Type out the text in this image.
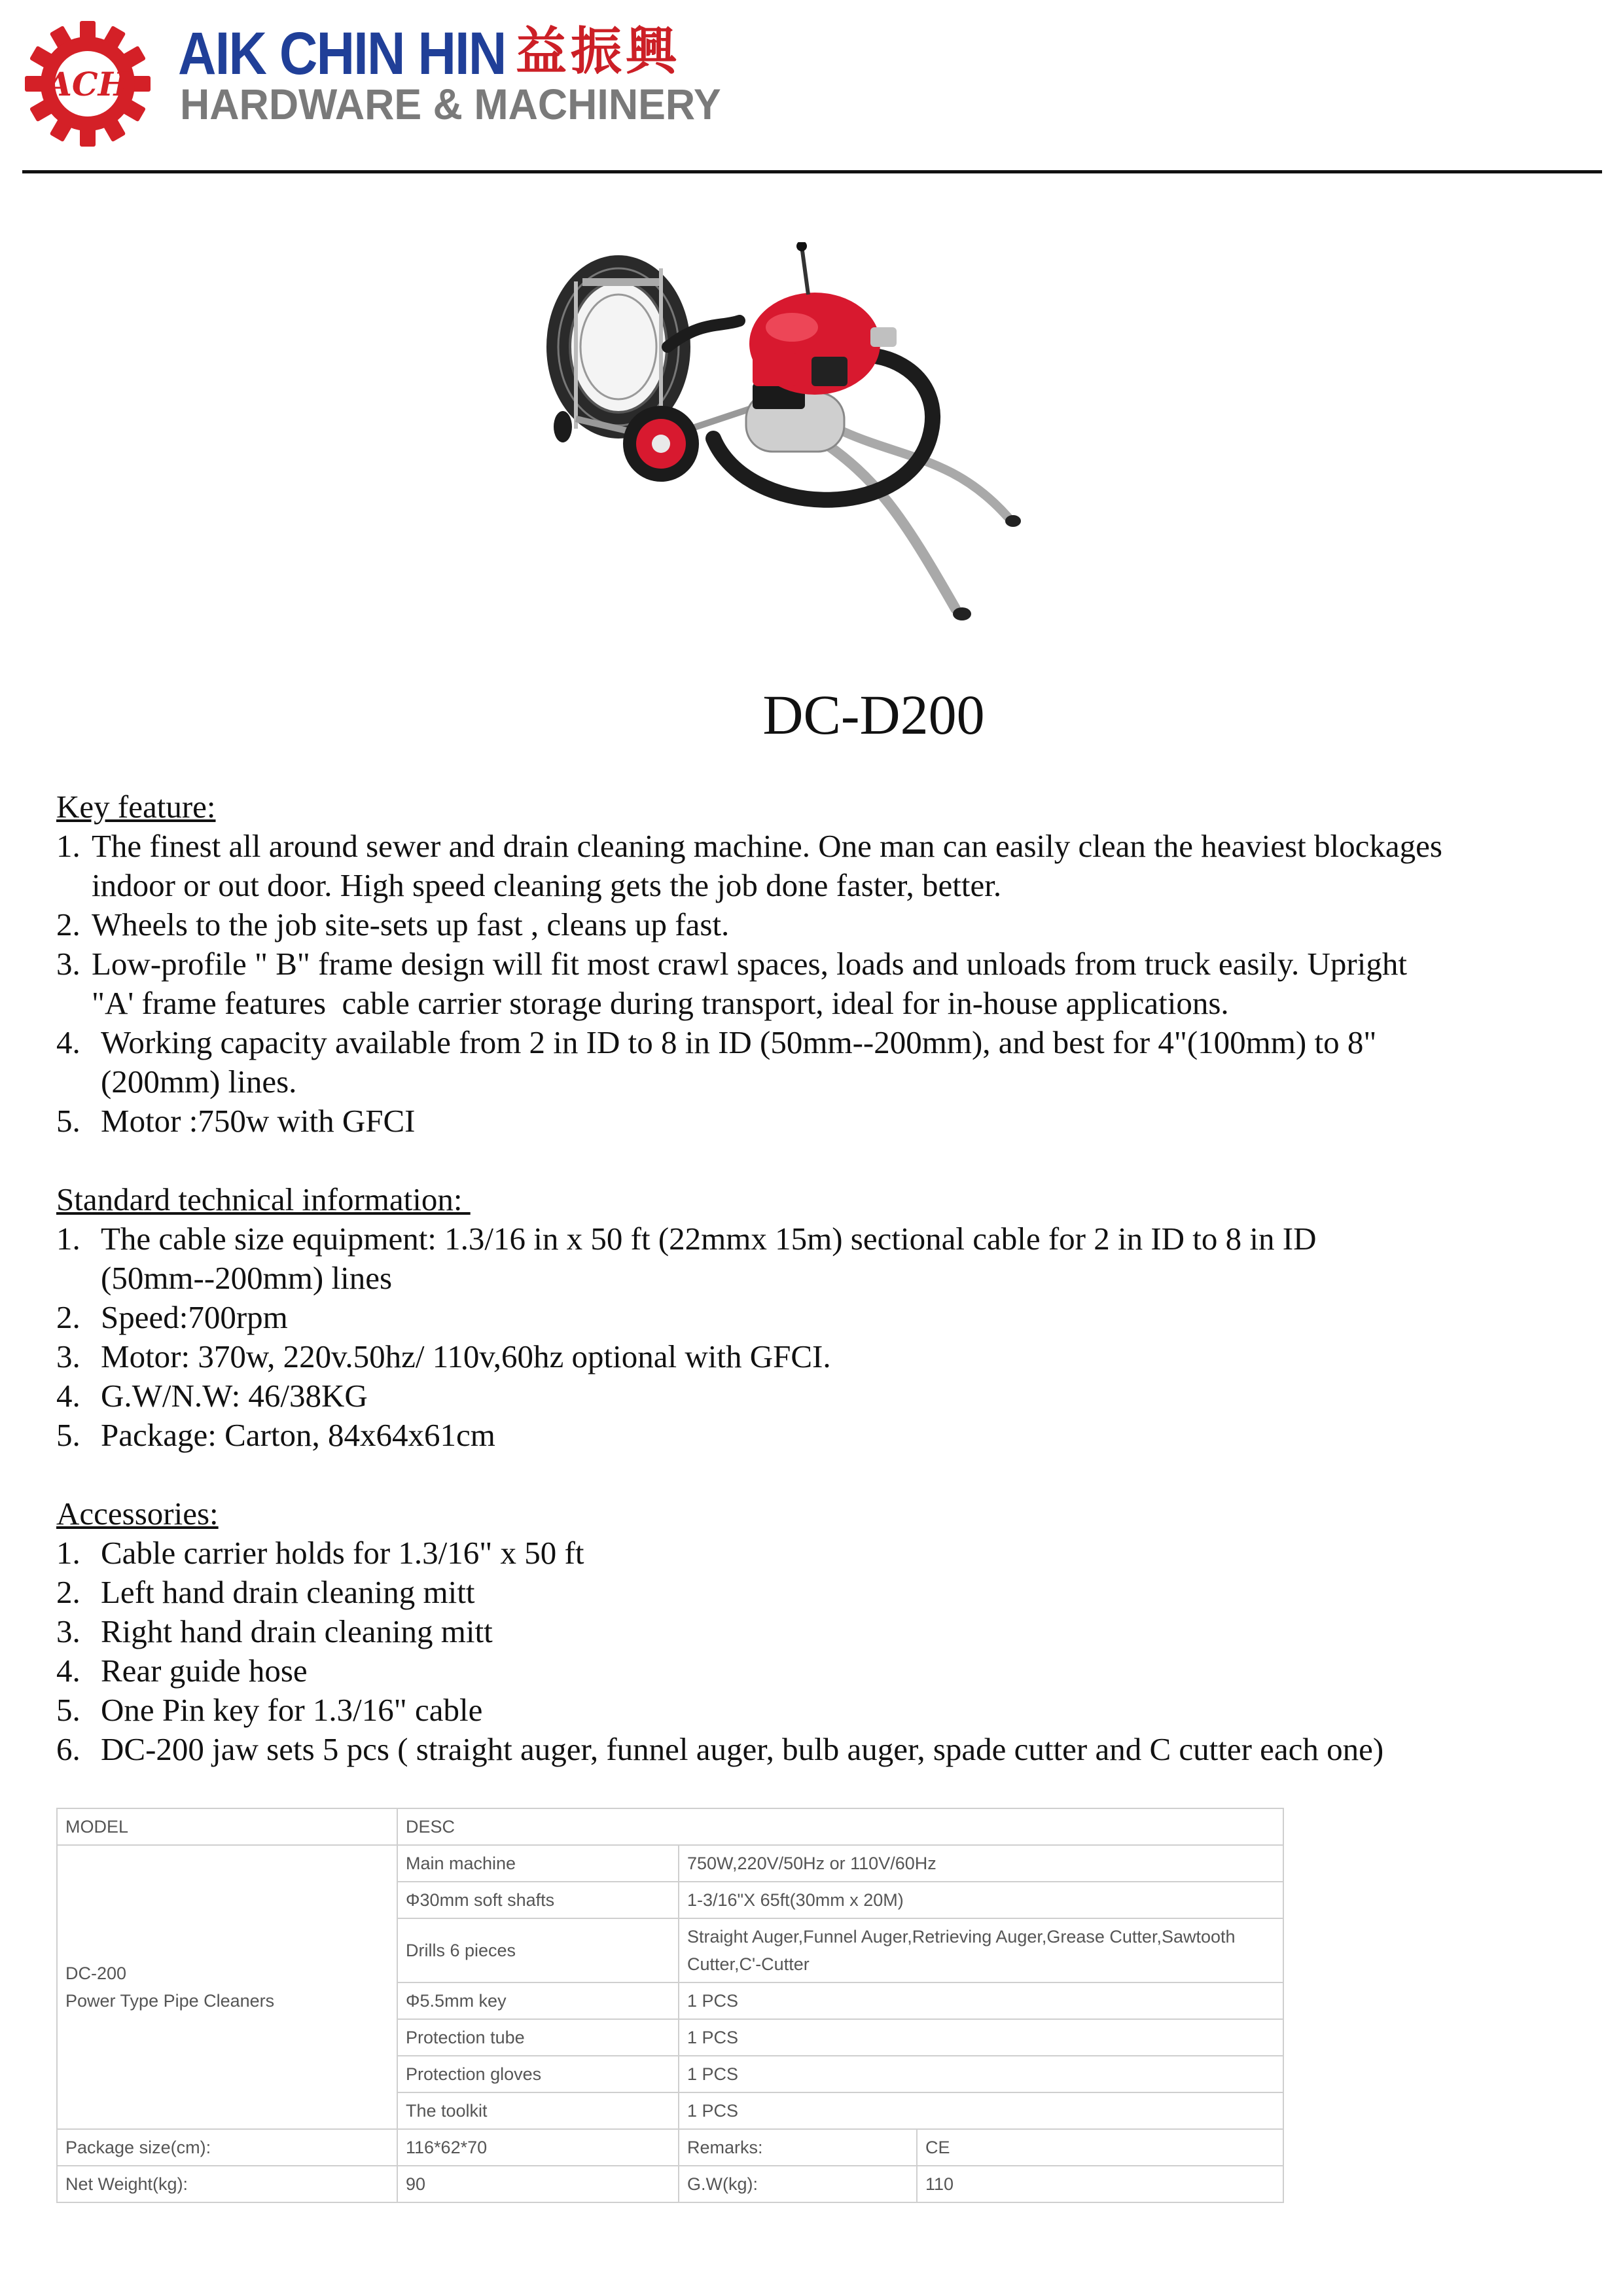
ACH AIK CHIN HIN 益振興
HARDWARE & MACHINERY
DC-D200
Key feature:
1. The finest all around sewer and drain cleaning machine. One man can easily clean the heaviest blockages
indoor or out door. High speed cleaning gets the job done faster, better.
2. Wheels to the job site-sets up fast , cleans up fast.
3. Low-profile " B" frame design will fit most crawl spaces, loads and unloads from truck easily. Upright
"A' frame features  cable carrier storage during transport, ideal for in-house applications.
4. Working capacity available from 2 in ID to 8 in ID (50mm--200mm), and best for 4"(100mm) to 8"
(200mm) lines.
5. Motor :750w with GFCI
Standard technical information:
1. The cable size equipment: 1.3/16 in x 50 ft (22mmx 15m) sectional cable for 2 in ID to 8 in ID
(50mm--200mm) lines
2. Speed:700rpm
3. Motor: 370w, 220v.50hz/ 110v,60hz optional with GFCI.
4. G.W/N.W: 46/38KG
5. Package: Carton, 84x64x61cm
Accessories:
1. Cable carrier holds for 1.3/16" x 50 ft
2. Left hand drain cleaning mitt
3. Right hand drain cleaning mitt
4. Rear guide hose
5. One Pin key for 1.3/16" cable
6. DC-200 jaw sets 5 pcs ( straight auger, funnel auger, bulb auger, spade cutter and C cutter each one)
MODEL	DESC		

DC-200
Power Type Pipe Cleaners	Main machine	750W,220V/50Hz or 110V/60Hz	
	Φ30mm soft shafts	1-3/16"X 65ft(30mm x 20M)	
	Drills 6 pieces	Straight Auger,Funnel Auger,Retrieving Auger,Grease Cutter,Sawtooth
Cutter,C'-Cutter	

	Φ5.5mm key	1 PCS	
	Protection tube	1 PCS	
	Protection gloves	1 PCS	
	The toolkit	1 PCS	
Package size(cm):	116*62*70	Remarks:	CE
Net Weight(kg):	90	G.W(kg):	110
